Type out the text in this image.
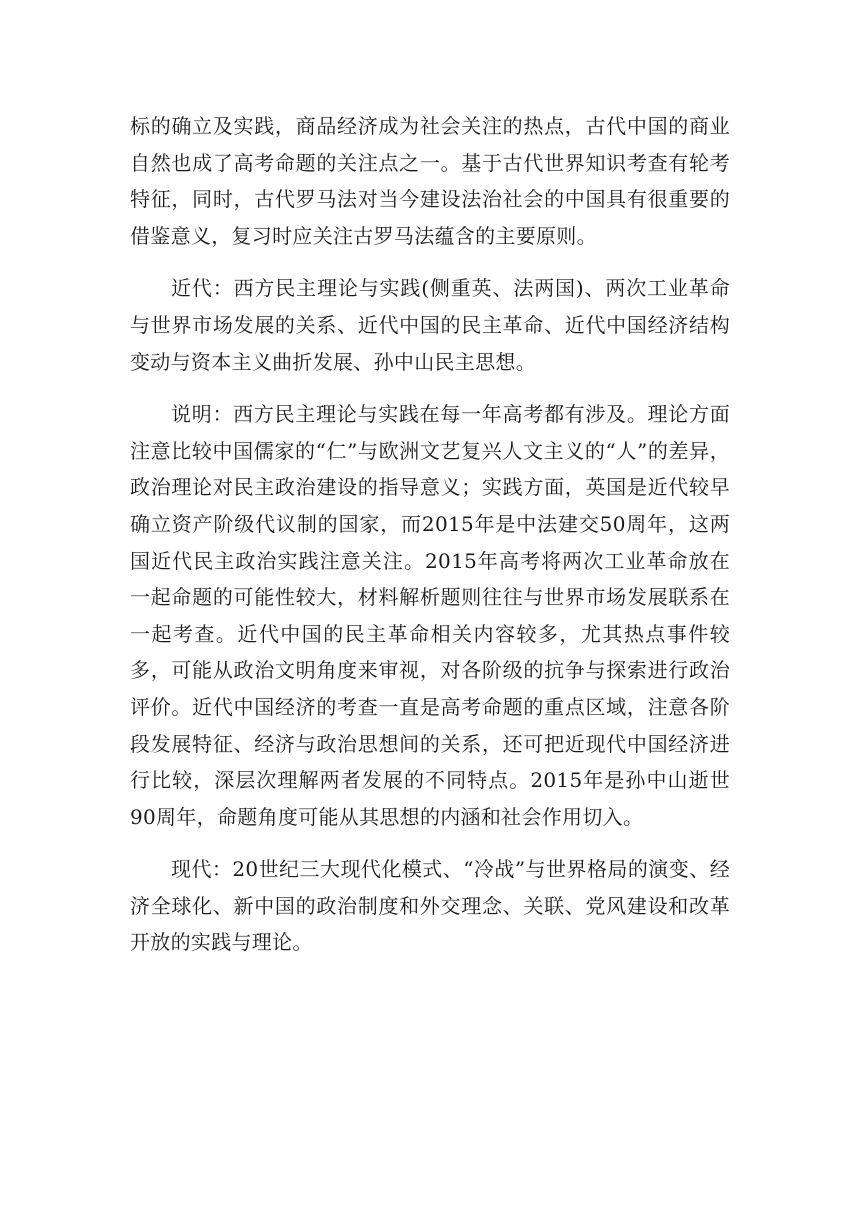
标的确立及实践，商品经济成为社会关注的热点，古代中国的商业自然也成了高考命题的关注点之一。基于古代世界知识考查有轮考特征，同时，古代罗马法对当今建设法治社会的中国具有很重要的借鉴意义，复习时应关注古罗马法蕴含的主要原则。

近代：西方民主理论与实践(侧重英、法两国)、两次工业革命与世界市场发展的关系、近代中国的民主革命、近代中国经济结构变动与资本主义曲折发展、孙中山民主思想。

说明：西方民主理论与实践在每一年高考都有涉及。理论方面注意比较中国儒家的“仁”与欧洲文艺复兴人文主义的“人”的差异，政治理论对民主政治建设的指导意义；实践方面，英国是近代较早确立资产阶级代议制的国家，而2015年是中法建交50周年，这两国近代民主政治实践注意关注。2015年高考将两次工业革命放在一起命题的可能性较大，材料解析题则往往与世界市场发展联系在一起考查。近代中国的民主革命相关内容较多，尤其热点事件较多，可能从政治文明角度来审视，对各阶级的抗争与探索进行政治评价。近代中国经济的考查一直是高考命题的重点区域，注意各阶段发展特征、经济与政治思想间的关系，还可把近现代中国经济进行比较，深层次理解两者发展的不同特点。2015年是孙中山逝世90周年，命题角度可能从其思想的内涵和社会作用切入。

现代：20世纪三大现代化模式、“冷战”与世界格局的演变、经济全球化、新中国的政治制度和外交理念、关联、党风建设和改革开放的实践与理论。
